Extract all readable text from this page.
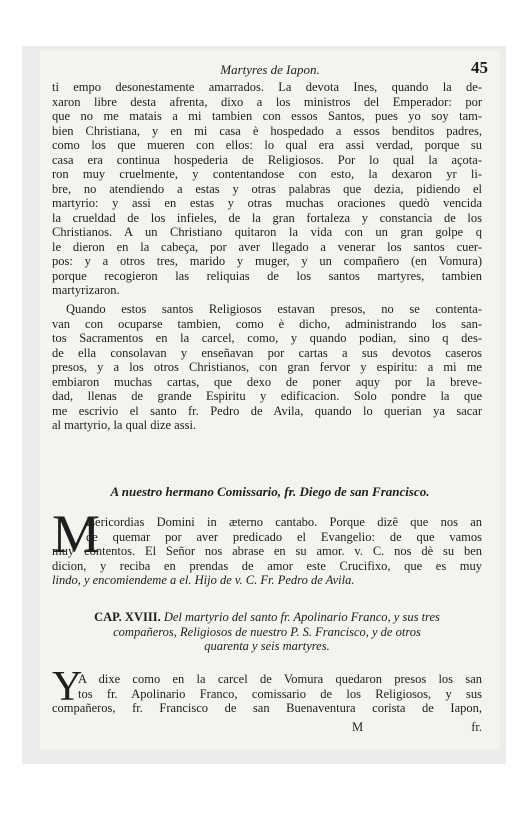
Martyres de Iapon.	45
ti empo desonestamente amarrados. La devota Ines, quando la de-
xaron libre desta afrenta, dixo a los ministros del Emperador: por
que no me matais a mi tambien con essos Santos, pues yo soy tam-
bien Christiana, y en mi casa è hospedado a essos benditos padres,
como los que mueren con ellos: lo qual era assi verdad, porque su
casa era continua hospederia de Religiosos. Por lo qual la açota-
ron muy cruelmente, y contentandose con esto, la dexaron yr li-
bre, no atendiendo a estas y otras palabras que dezia, pidiendo el
martyrio: y assi en estas y otras muchas oraciones quedò vencida
la crueldad de los infieles, de la gran fortaleza y constancia de los
Christianos. A un Christiano quitaron la vida con un gran golpe q
le dieron en la cabeça, por aver llegado a venerar los santos cuer-
pos: y a otros tres, marido y muger, y un compañero (en Vomura)
porque recogieron las reliquias de los santos martyres, tambien
martyrizaron.
Quando estos santos Religiosos estavan presos, no se contenta-
van con ocuparse tambien, como è dicho, administrando los san-
tos Sacramentos en la carcel, como, y quando podian, sino q des-
de ella consolavan y enseñavan por cartas a sus devotos caseros
presos, y a los otros Christianos, con gran fervor y espiritu: a mi me
embiaron muchas cartas, que dexo de poner aquy por la breve-
dad, llenas de grande Espiritu y edificacion. Solo pondre la que
me escrivio el santo fr. Pedro de Avila, quando lo querian ya sacar
al martyrio, la qual dize assi.
A nuestro hermano Comissario, fr. Diego de san Francisco.
M
Isericordias Domini in æterno cantabo. Porque dizê que nos an
de quemar por aver predicado el Evangelio: de que vamos
muy contentos. El Señor nos abrase en su amor. v. C. nos dè su ben
dicion, y reciba en prendas de amor este Crucifixo, que es muy
lindo, y encomiendeme a el. Hijo de v. C. Fr. Pedro de Avila.
CAP. XVIII. Del martyrio del santo fr. Apolinario Franco, y sus tres
compañeros, Religiosos de nuestro P. S. Francisco, y de otros
quarenta y seis martyres.
Y
A dixe como en la carcel de Vomura quedaron presos los san
tos fr. Apolinario Franco, comissario de los Religiosos, y sus
compañeros, fr. Francisco de san Buenaventura corista de Iapon,
M	fr.
